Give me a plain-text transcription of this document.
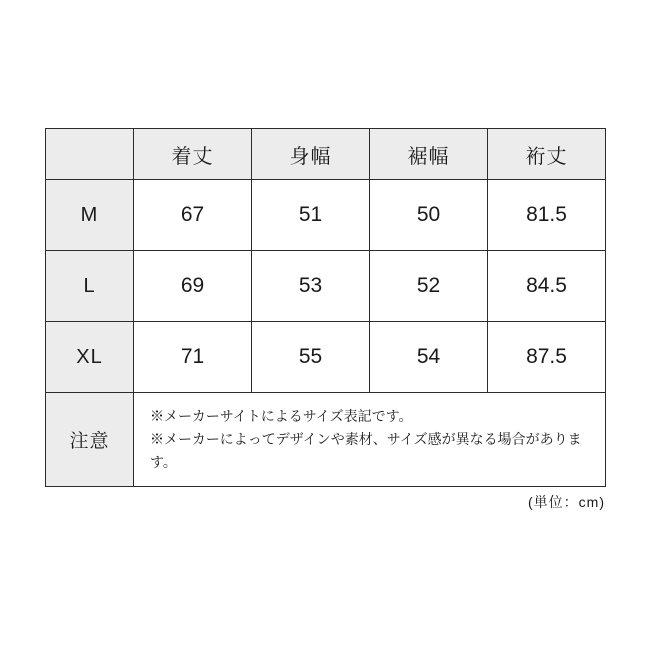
	着丈	身幅	裾幅	裄丈
M	67	51	50	81.5
L	69	53	52	84.5
XL	71	55	54	87.5
注意	※メーカーサイトによるサイズ表記です。
※メーカーによってデザインや素材、サイズ感が異なる場合があります。			
(単位：cm)
